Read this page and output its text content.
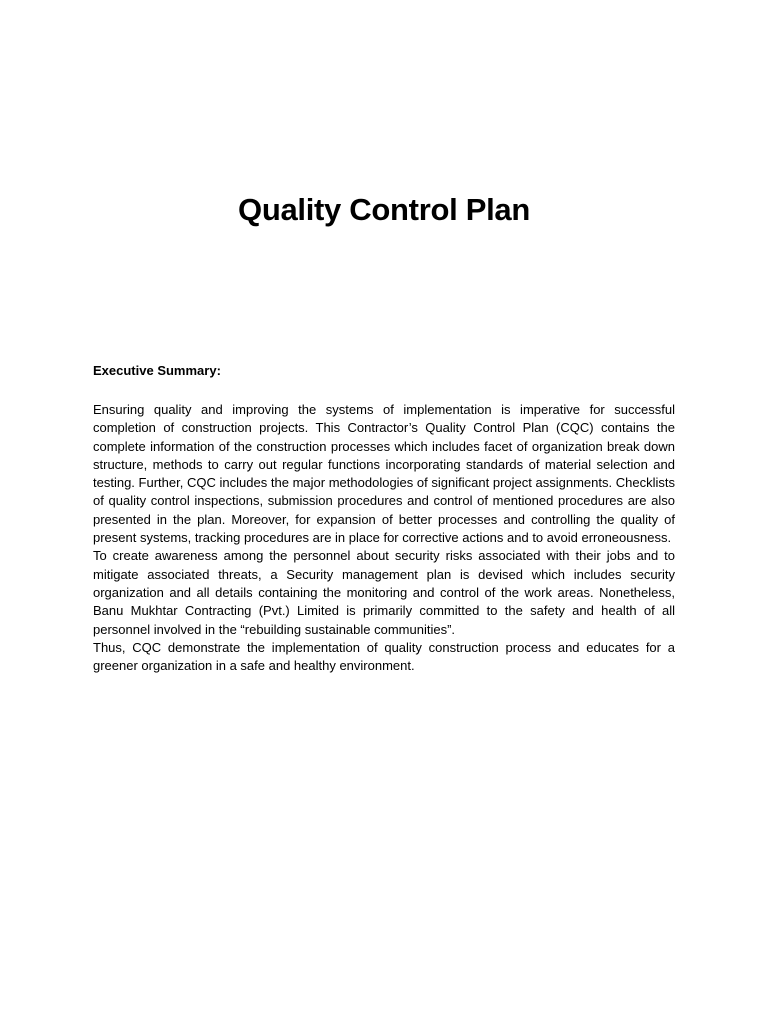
Quality Control Plan
Executive Summary:

Ensuring quality and improving the systems of implementation is imperative for successful completion of construction projects. This Contractor’s Quality Control Plan (CQC) contains the complete information of the construction processes which includes facet of organization break down structure, methods to carry out regular functions incorporating standards of material selection and testing. Further, CQC includes the major methodologies of significant project assignments. Checklists of quality control inspections, submission procedures and control of mentioned procedures are also presented in the plan. Moreover, for expansion of better processes and controlling the quality of present systems, tracking procedures are in place for corrective actions and to avoid erroneousness.

To create awareness among the personnel about security risks associated with their jobs and to mitigate associated threats, a Security management plan is devised which includes security organization and all details containing the monitoring and control of the work areas. Nonetheless, Banu Mukhtar Contracting (Pvt.) Limited is primarily committed to the safety and health of all personnel involved in the “rebuilding sustainable communities”.

Thus, CQC demonstrate the implementation of quality construction process and educates for a greener organization in a safe and healthy environment.
